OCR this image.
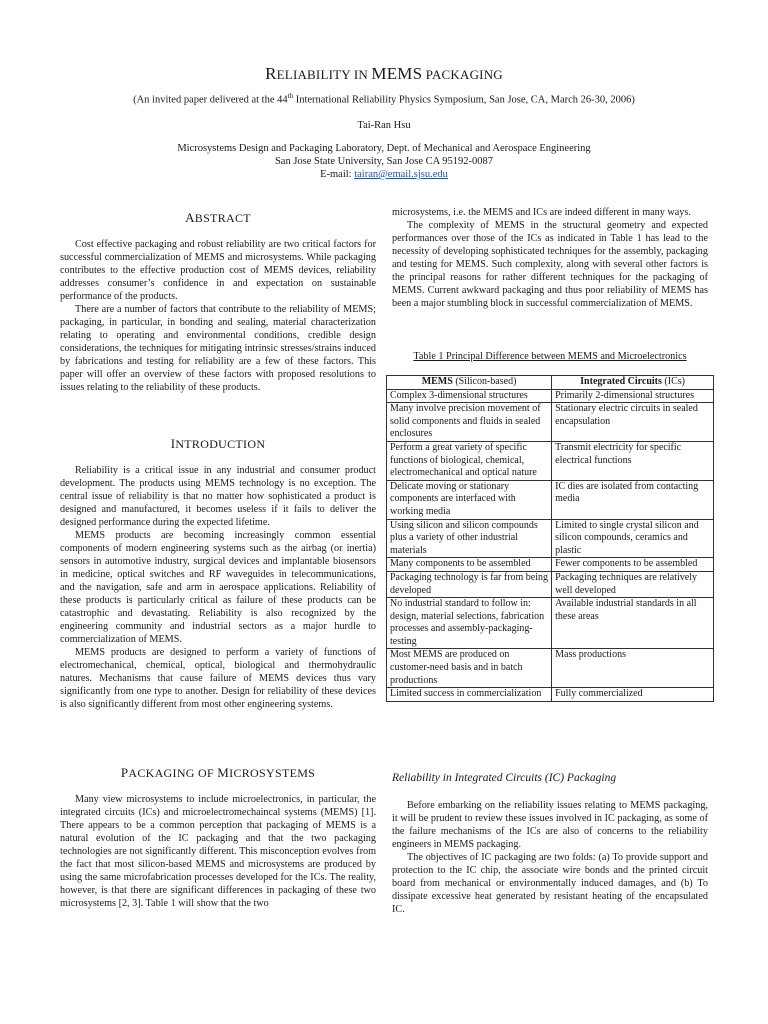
RELIABILITY IN MEMS PACKAGING
(An invited paper delivered at the 44th International Reliability Physics Symposium, San Jose, CA, March 26-30, 2006)
Tai-Ran Hsu
Microsystems Design and Packaging Laboratory, Dept. of Mechanical and Aerospace Engineering
San Jose State University, San Jose CA 95192-0087
E-mail: tairan@email.sjsu.edu
ABSTRACT

Cost effective packaging and robust reliability are two critical factors for successful commercialization of MEMS and microsystems. While packaging contributes to the effective production cost of MEMS devices, reliability addresses consumer’s confidence in and expectation on sustainable performance of the products.

There are a number of factors that contribute to the reliability of MEMS; packaging, in particular, in bonding and sealing, material characterization relating to operating and environmental conditions, credible design considerations, the techniques for mitigating intrinsic stresses/strains induced by fabrications and testing for reliability are a few of these factors. This paper will offer an overview of these factors with proposed resolutions to issues relating to the reliability of these products.

INTRODUCTION

Reliability is a critical issue in any industrial and consumer product development. The products using MEMS technology is no exception. The central issue of reliability is that no matter how sophisticated a product is designed and manufactured, it becomes useless if it fails to deliver the designed performance during the expected lifetime.

MEMS products are becoming increasingly common essential components of modern engineering systems such as the airbag (or inertia) sensors in automotive industry, surgical devices and implantable biosensors in medicine, optical switches and RF waveguides in telecommunications, and the navigation, safe and arm in aerospace applications. Reliability of these products is particularly critical as failure of these products can be catastrophic and devastating. Reliability is also recognized by the engineering community and industrial sectors as a major hurdle to commercialization of MEMS.

MEMS products are designed to perform a variety of functions of electromechanical, chemical, optical, biological and thermohydraulic natures. Mechanisms that cause failure of MEMS devices thus vary significantly from one type to another. Design for reliability of these devices is also significantly different from most other engineering systems.

PACKAGING OF MICROSYSTEMS

Many view microsystems to include microelectronics, in particular, the integrated circuits (ICs) and microelectromechaincal systems (MEMS) [1]. There appears to be a common perception that packaging of MEMS is a natural evolution of the IC packaging and that the two packaging technologies are not significantly different. This misconception evolves from the fact that most silicon-based MEMS and microsystems are produced by using the same microfabrication processes developed for the ICs. The reality, however, is that there are significant differences in packaging of these two microsystems [2, 3]. Table 1 will show that the two

microsystems, i.e. the MEMS and ICs are indeed different in many ways.

The complexity of MEMS in the structural geometry and expected performances over those of the ICs as indicated in Table 1 has lead to the necessity of developing sophisticated techniques for the assembly, packaging and testing for MEMS. Such complexity, along with several other factors is the principal reasons for rather different techniques for the packaging of MEMS. Current awkward packaging and thus poor reliability of MEMS has been a major stumbling block in successful commercialization of MEMS.

Table 1 Principal Difference between MEMS and Microelectronics
MEMS (Silicon-based)	Integrated Circuits (ICs)
Complex 3-dimensional structures	Primarily 2-dimensional structures
Many involve precision movement of solid components and fluids in sealed enclosures	Stationary electric circuits in sealed encapsulation
Perform a great variety of specific functions of biological, chemical, electromechanical and optical nature	Transmit electricity for specific electrical functions
Delicate moving or stationary components are interfaced with working media	IC dies are isolated from contacting media
Using silicon and silicon compounds plus a variety of other industrial materials	Limited to single crystal silicon and silicon compounds, ceramics and plastic
Many components to be assembled	Fewer components to be assembled
Packaging technology is far from being developed	Packaging techniques are relatively well developed
No industrial standard to follow in: design, material selections, fabrication processes and assembly-packaging-testing	Available industrial standards in all these areas
Most MEMS are produced on customer-need basis and in batch productions	Mass productions
Limited success in commercialization	Fully commercialized
Reliability in Integrated Circuits (IC) Packaging

Before embarking on the reliability issues relating to MEMS packaging, it will be prudent to review these issues involved in IC packaging, as some of the failure mechanisms of the ICs are also of concerns to the reliability engineers in MEMS packaging.

The objectives of IC packaging are two folds: (a) To provide support and protection to the IC chip, the associate wire bonds and the printed circuit board from mechanical or environmentally induced damages, and (b) To dissipate excessive heat generated by resistant heating of the encapsulated IC.
